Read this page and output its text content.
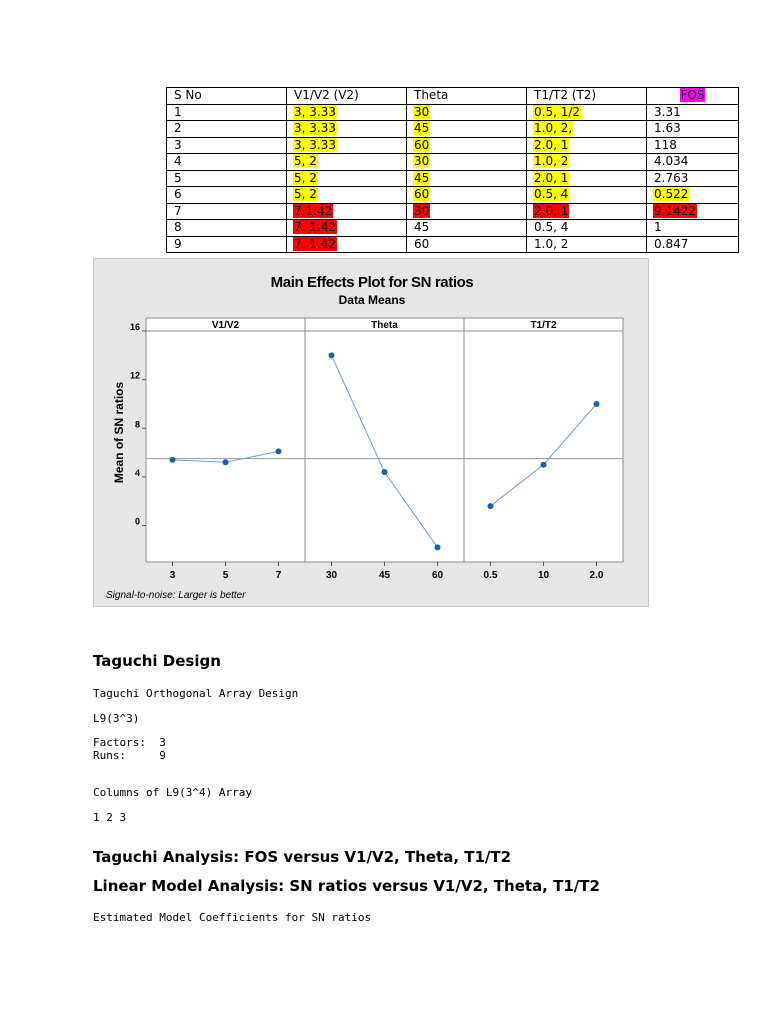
S No	V1/V2 (V2)	Theta	T1/T2 (T2)	FOS
1	3, 3.33	30	0.5, 1/2	3.31
2	3, 3.33	45	1.0, 2,	1.63
3	3, 3.33	60	2.0, 1	118
4	5, 2	30	1.0, 2	4.034
5	5, 2	45	2.0, 1	2.763
6	5, 2	60	0.5, 4	0.522
7	7,1.42	30	2.0, 1	9.1422
8	7, 1.42	45	0.5, 4	1
9	7, 1.42	60	1.0, 2	0.847
Main Effects Plot for SN ratios
Data Means
0
4
8
12
16
Mean of SN ratios
V1/V2
3	5	7
Theta
30	45	60
T1/T2
0.5	10	2.0
Signal-to-noise: Larger is better
Taguchi Design
Taguchi Orthogonal Array Design
L9(3^3)
Factors:  3
Runs:     9
Columns of L9(3^4) Array
1 2 3
Taguchi Analysis: FOS versus V1/V2, Theta, T1/T2
Linear Model Analysis: SN ratios versus V1/V2, Theta, T1/T2
Estimated Model Coefficients for SN ratios
